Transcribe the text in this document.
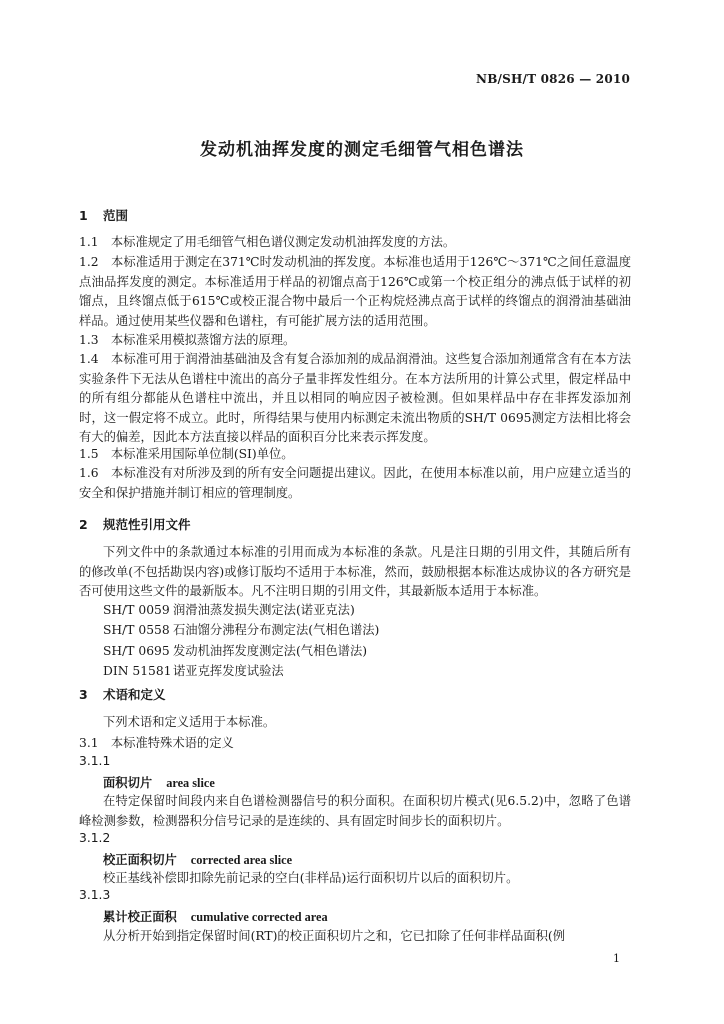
NB/SH/T 0826 — 2010
发动机油挥发度的测定毛细管气相色谱法
1 范围
1.1　本标准规定了用毛细管气相色谱仪测定发动机油挥发度的方法。
1.2　本标准适用于测定在371℃时发动机油的挥发度。本标准也适用于126℃～371℃之间任意温度点油品挥发度的测定。本标准适用于样品的初馏点高于126℃或第一个校正组分的沸点低于试样的初馏点，且终馏点低于615℃或校正混合物中最后一个正构烷烃沸点高于试样的终馏点的润滑油基础油样品。通过使用某些仪器和色谱柱，有可能扩展方法的适用范围。
1.3　本标准采用模拟蒸馏方法的原理。
1.4　本标准可用于润滑油基础油及含有复合添加剂的成品润滑油。这些复合添加剂通常含有在本方法实验条件下无法从色谱柱中流出的高分子量非挥发性组分。在本方法所用的计算公式里，假定样品中的所有组分都能从色谱柱中流出，并且以相同的响应因子被检测。但如果样品中存在非挥发添加剂时，这一假定将不成立。此时，所得结果与使用内标测定未流出物质的SH/T 0695测定方法相比将会有大的偏差，因此本方法直接以样品的面积百分比来表示挥发度。
1.5　本标准采用国际单位制(SI)单位。
1.6　本标准没有对所涉及到的所有安全问题提出建议。因此，在使用本标准以前，用户应建立适当的安全和保护措施并制订相应的管理制度。
2 规范性引用文件
下列文件中的条款通过本标准的引用而成为本标准的条款。凡是注日期的引用文件，其随后所有的修改单(不包括勘误内容)或修订版均不适用于本标准，然而，鼓励根据本标准达成协议的各方研究是否可使用这些文件的最新版本。凡不注明日期的引用文件，其最新版本适用于本标准。
SH/T 0059 润滑油蒸发损失测定法(诺亚克法)
SH/T 0558 石油馏分沸程分布测定法(气相色谱法)
SH/T 0695 发动机油挥发度测定法(气相色谱法)
DIN 51581诺亚克挥发度试验法
3 术语和定义
下列术语和定义适用于本标准。
3.1　本标准特殊术语的定义
3.1.1
面积切片 area slice
在特定保留时间段内来自色谱检测器信号的积分面积。在面积切片模式(见6.5.2)中，忽略了色谱峰检测参数，检测器积分信号记录的是连续的、具有固定时间步长的面积切片。
3.1.2
校正面积切片 corrected area slice
校正基线补偿即扣除先前记录的空白(非样品)运行面积切片以后的面积切片。
3.1.3
累计校正面积 cumulative corrected area
从分析开始到指定保留时间(RT)的校正面积切片之和，它已扣除了任何非样品面积(例
1
